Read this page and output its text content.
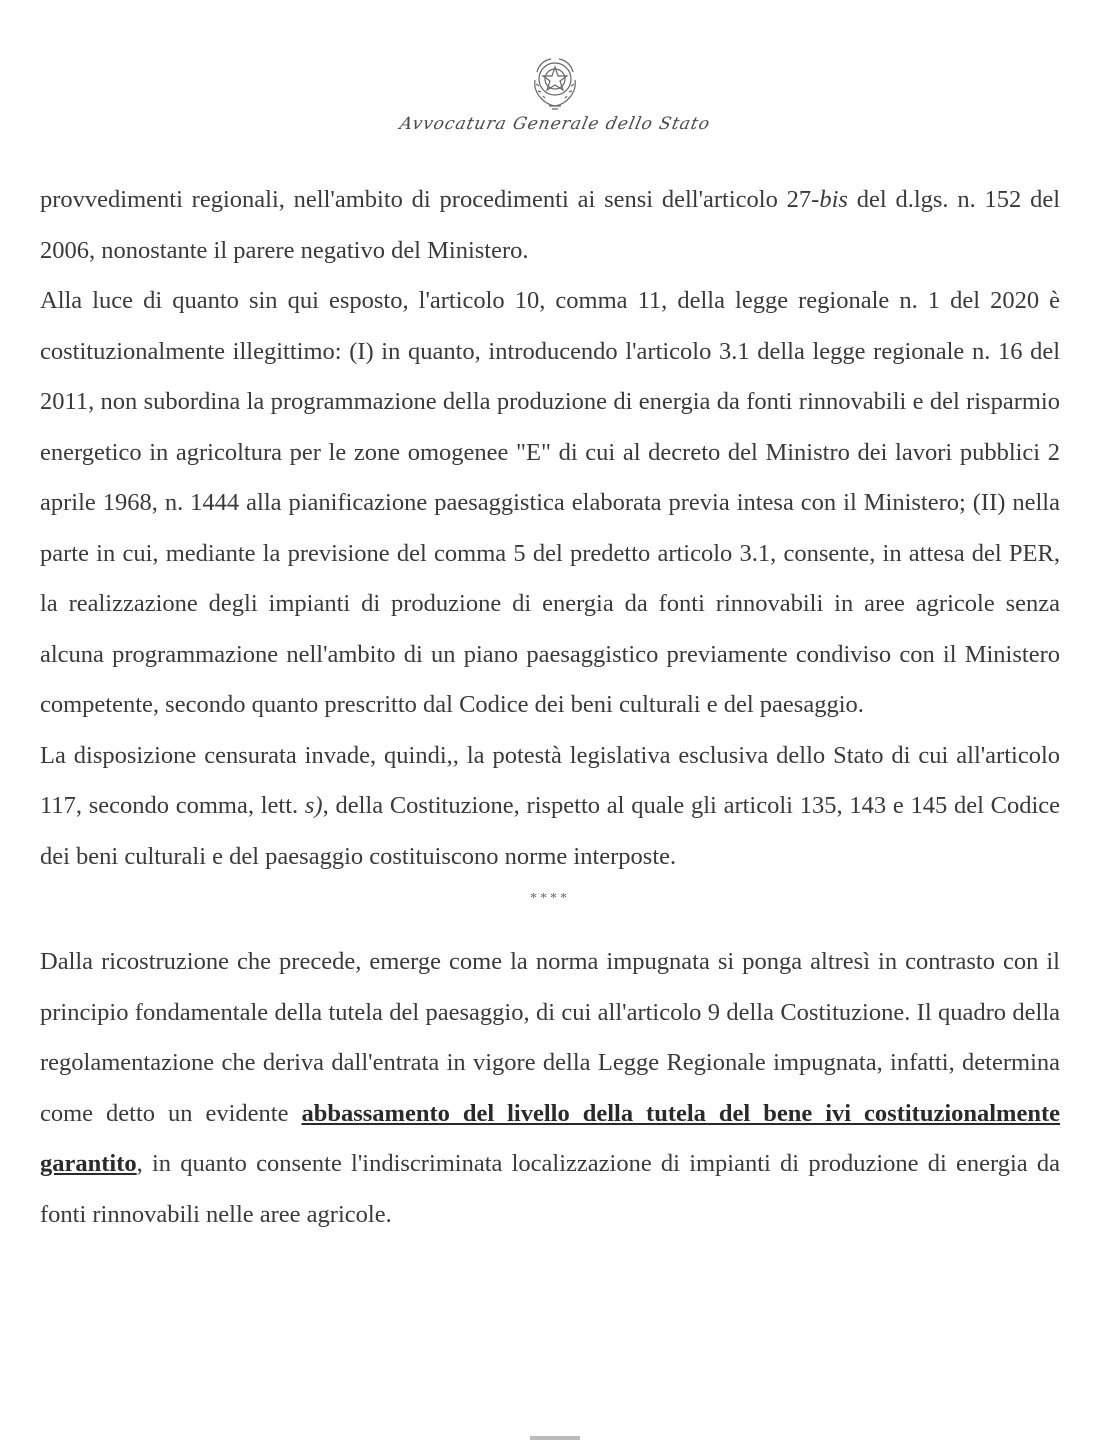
Avvocatura Generale dello Stato

provvedimenti regionali, nell'ambito di procedimenti ai sensi dell'articolo 27-bis del d.lgs. n. 152 del 2006, nonostante il parere negativo del Ministero.

Alla luce di quanto sin qui esposto, l'articolo 10, comma 11, della legge regionale n. 1 del 2020 è costituzionalmente illegittimo: (I) in quanto, introducendo l'articolo 3.1 della legge regionale n. 16 del 2011, non subordina la programmazione della produzione di energia da fonti rinnovabili e del risparmio energetico in agricoltura per le zone omogenee "E" di cui al decreto del Ministro dei lavori pubblici 2 aprile 1968, n. 1444 alla pianificazione paesaggistica elaborata previa intesa con il Ministero; (II) nella parte in cui, mediante la previsione del comma 5 del predetto articolo 3.1, consente, in attesa del PER, la realizzazione degli impianti di produzione di energia da fonti rinnovabili in aree agricole senza alcuna programmazione nell'ambito di un piano paesaggistico previamente condiviso con il Ministero competente, secondo quanto prescritto dal Codice dei beni culturali e del paesaggio.

La disposizione censurata invade, quindi,, la potestà legislativa esclusiva dello Stato di cui all'articolo 117, secondo comma, lett. s), della Costituzione, rispetto al quale gli articoli 135, 143 e 145 del Codice dei beni culturali e del paesaggio costituiscono norme interposte.

****

Dalla ricostruzione che precede, emerge come la norma impugnata si ponga altresì in contrasto con il principio fondamentale della tutela del paesaggio, di cui all'articolo 9 della Costituzione. Il quadro della regolamentazione che deriva dall'entrata in vigore della Legge Regionale impugnata, infatti, determina come detto un evidente abbassamento del livello della tutela del bene ivi costituzionalmente garantito, in quanto consente l'indiscriminata localizzazione di impianti di produzione di energia da fonti rinnovabili nelle aree agricole.
